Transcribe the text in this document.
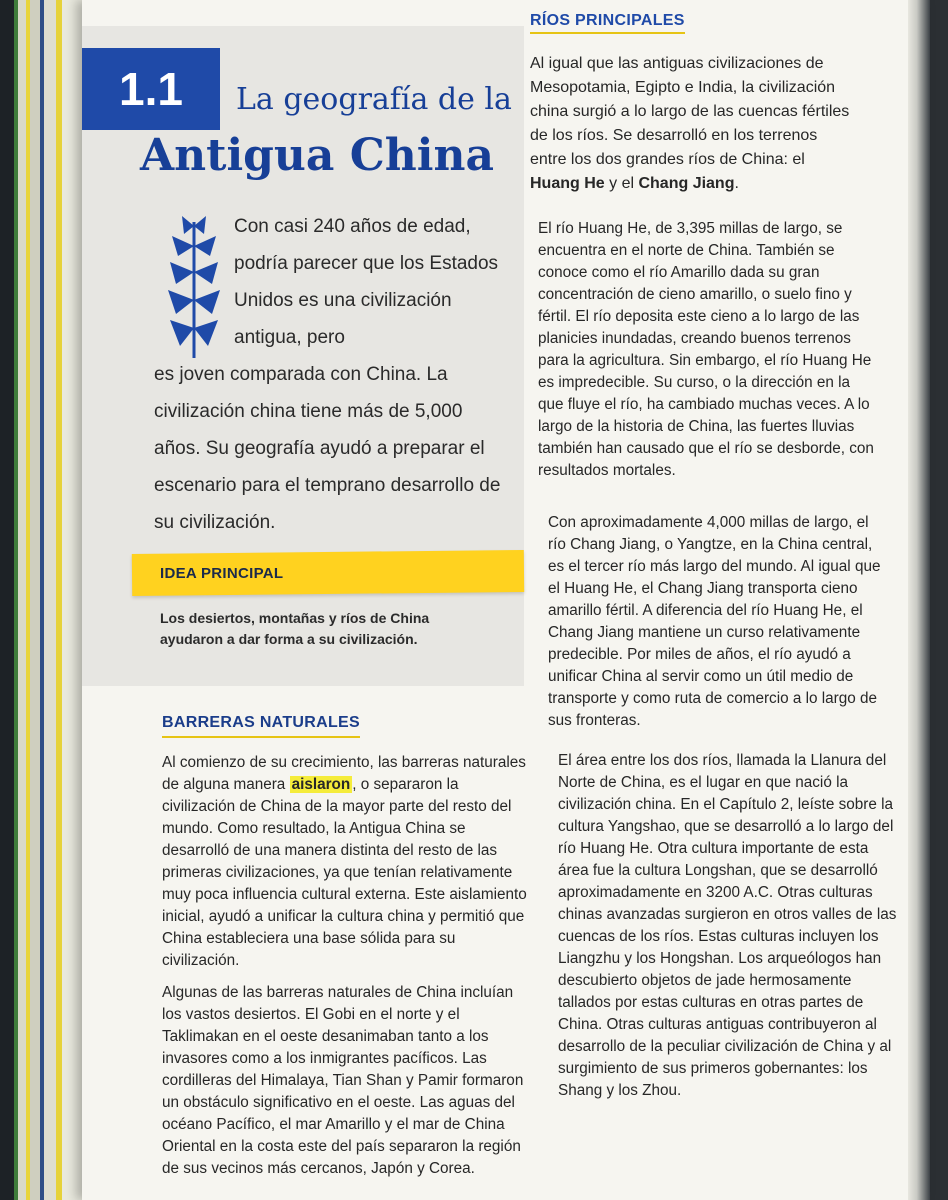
1.1	La geografía de la
Antigua China
Con casi 240 años de edad, podría parecer que los Estados Unidos es una civilización antigua, pero
es joven comparada con China. La civilización china tiene más de 5,000 años. Su geografía ayudó a preparar el escenario para el temprano desarrollo de su civilización.
IDEA PRINCIPAL
Los desiertos, montañas y ríos de China ayudaron a dar forma a su civilización.
BARRERAS NATURALES
Al comienzo de su crecimiento, las barreras naturales de alguna manera aislaron , o separaron la civilización de China de la mayor parte del resto del mundo. Como resultado, la Antigua China se desarrolló de una manera distinta del resto de las primeras civilizaciones, ya que tenían relativamente muy poca influencia cultural externa. Este aislamiento inicial, ayudó a unificar la cultura china y permitió que China estableciera una base sólida para su civilización.
Algunas de las barreras naturales de China incluían los vastos desiertos. El Gobi en el norte y el Taklimakan en el oeste desanimaban tanto a los invasores como a los inmigrantes pacíficos. Las cordilleras del Himalaya, Tian Shan y Pamir formaron un obstáculo significativo en el oeste. Las aguas del océano Pacífico, el mar Amarillo y el mar de China Oriental en la costa este del país separaron la región de sus vecinos más cercanos, Japón y Corea.
RÍOS PRINCIPALES
Al igual que las antiguas civilizaciones de Mesopotamia, Egipto e India, la civilización china surgió a lo largo de las cuencas fértiles de los ríos. Se desarrolló en los terrenos entre los dos grandes ríos de China: el Huang He y el Chang Jiang.
El río Huang He, de 3,395 millas de largo, se encuentra en el norte de China. También se conoce como el río Amarillo dada su gran concentración de cieno amarillo, o suelo fino y fértil. El río deposita este cieno a lo largo de las planicies inundadas, creando buenos terrenos para la agricultura. Sin embargo, el río Huang He es impredecible. Su curso, o la dirección en la que fluye el río, ha cambiado muchas veces. A lo largo de la historia de China, las fuertes lluvias también han causado que el río se desborde, con resultados mortales.
Con aproximadamente 4,000 millas de largo, el río Chang Jiang, o Yangtze, en la China central, es el tercer río más largo del mundo. Al igual que el Huang He, el Chang Jiang transporta cieno amarillo fértil. A diferencia del río Huang He, el Chang Jiang mantiene un curso relativamente predecible. Por miles de años, el río ayudó a unificar China al servir como un útil medio de transporte y como ruta de comercio a lo largo de sus fronteras.
El área entre los dos ríos, llamada la Llanura del Norte de China, es el lugar en que nació la civilización china. En el Capítulo 2, leíste sobre la cultura Yangshao, que se desarrolló a lo largo del río Huang He. Otra cultura importante de esta área fue la cultura Longshan, que se desarrolló aproximadamente en 3200 A.C. Otras culturas chinas avanzadas surgieron en otros valles de las cuencas de los ríos. Estas culturas incluyen los Liangzhu y los Hongshan. Los arqueólogos han descubierto objetos de jade hermosamente tallados por estas culturas en otras partes de China. Otras culturas antiguas contribuyeron al desarrollo de la peculiar civilización de China y al surgimiento de sus primeros gobernantes: los Shang y los Zhou.
